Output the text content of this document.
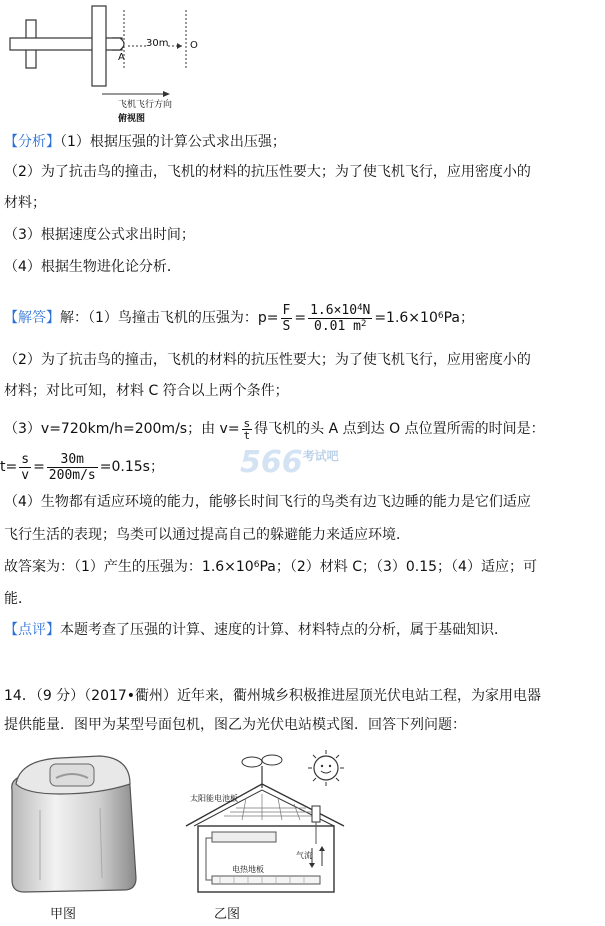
30m
A
O
飞机飞行方向
俯视图
【分析】（1）根据压强的计算公式求出压强；
（2）为了抗击鸟的撞击，飞机的材料的抗压性要大；为了使飞机飞行，应用密度小的
材料；
（3）根据速度公式求出时间；
（4）根据生物进化论分析．
【解答】解：（1）鸟撞击飞机的压强为：$p= \frac{F}{S} = \frac{1.6\times 10^4N}{0.01 m^2} =1.6\times 10^6Pa$；
（2）为了抗击鸟的撞击，飞机的材料的抗压性要大；为了使飞机飞行，应用密度小的
材料；对比可知，材料 C 符合以上两个条件；
（3）v=720km/h=200m/s；由 $v= \frac{s}{t}$ 得飞机的头 A 点到达 O 点位置所需的时间是：
$t= \frac{s}{v} = \frac{30m}{200m/s} =0.15s$；	566考试吧
（4）生物都有适应环境的能力，能够长时间飞行的鸟类有边飞边睡的能力是它们适应
飞行生活的表现；鸟类可以通过提高自己的躲避能力来适应环境．
故答案为：（1）产生的压强为：$1.6\times 10^6Pa$；（2）材料 C；（3）0.15；（4）适应；可
能．
【点评】本题考查了压强的计算、速度的计算、材料特点的分析，属于基础知识．
14．（9 分）（2017•衢州）近年来，衢州城乡积极推进屋顶光伏电站工程，为家用电器
提供能量．图甲为某型号面包机，图乙为光伏电站模式图．回答下列问题：
太阳能电池板
气流
电热地板
甲图	乙图
